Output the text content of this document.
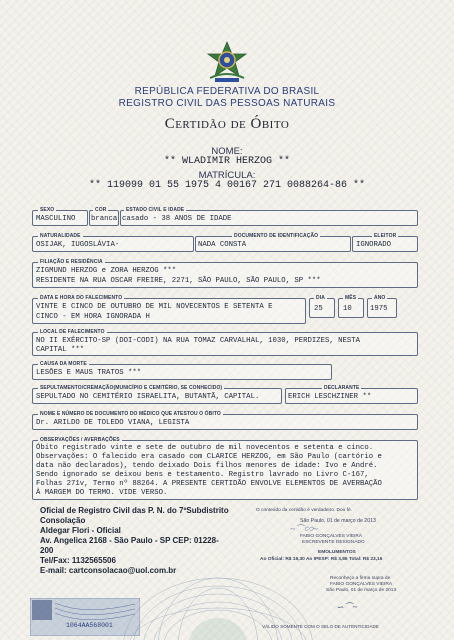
REPÚBLICA FEDERATIVA DO BRASIL
REGISTRO CIVIL DAS PESSOAS NATURAIS
Certidão de Óbito
NOME:
** WLADIMIR HERZOG **
MATRÍCULA:
** 119099 01 55 1975 4 00167 271 0088264-86 **
SEXO
MASCULINO
COR
branca
ESTADO CIVIL E IDADE
casado - 38 ANOS DE IDADE
NATURALIDADE
OSIJAK, IUGOSLÁVIA-
DOCUMENTO DE IDENTIFICAÇÃO
NADA CONSTA
ELEITOR
IGNORADO
FILIAÇÃO E RESIDÊNCIA
ZIGMUND HERZOG e ZORA HERZOG ***
RESIDENTE NA RUA OSCAR FREIRE, 2271, SÃO PAULO, SÃO PAULO, SP ***
DATA E HORA DO FALECIMENTO
VINTE E CINCO DE OUTUBRO DE MIL NOVECENTOS E SETENTA E
CINCO - EM HORA IGNORADA H
DIA
25
MÊS
10
ANO
1975
LOCAL DE FALECIMENTO
NO II EXÉRCITO-SP (DOI-CODI) NA RUA TOMAZ CARVALHAL, 1030, PERDIZES, NESTA
CAPITAL ***
CAUSA DA MORTE
LESÕES E MAUS TRATOS ***
SEPULTAMENTO/CREMAÇÃO(MUNICÍPIO E CEMITÉRIO, SE CONHECIDO)
SEPULTADO NO CEMITÉRIO ISRAELITA, BUTANTÃ, CAPITAL.
DECLARANTE
ERICH LESCHZINER **
NOME E NÚMERO DE DOCUMENTO DO MÉDICO QUE ATESTOU O ÓBITO
Dr. ARILDO DE TOLEDO VIANA, LEGISTA
OBSERVAÇÕES / AVERBAÇÕES
Óbito registrado vinte e sete de outubro de mil novecentos e setenta e cinco.
Observações: O falecido era casado com CLARICE HERZOG, em São Paulo (cartório e
data não declarados), tendo deixado Dois filhos menores de idade: Ivo e André.
Sendo ignorado se deixou bens e testamento. Registro lavrado no Livro C-167,
Folhas 271v, Termo nº 88264. A PRESENTE CERTIDÃO ENVOLVE ELEMENTOS DE AVERBAÇÃO
À MARGEM DO TERMO. VIDE VERSO.
Oficial de Registro Civil das P. N. do 7ºSubdistrito
Consolação
Aldegar Flori - Oficial
Av. Angelica 2168 - São Paulo - SP CEP: 01228-
200
Tel/Fax: 1132565506
E-mail: cartconsolacao@uol.com.br
O conteúdo da certidão é verdadeiro. Dou fé.
São Paulo, 01 de março de 2013
~⌒∽~
FABIO GONÇALVES VIEIRA
ESCREVENTE DESIGNADO
EMOLUMENTOS
Ao Oficial: R$ 19,30 Ao IPESP: R$ 3,86 Total: R$ 23,16
Reconheço a firma supra de
FABIO GONÇALVES VIEIRA
São Paulo, 01 de março de 2013
∽⌒~
VÁLIDO SOMENTE COM O SELO DE AUTENTICIDADE
1064AA568001
